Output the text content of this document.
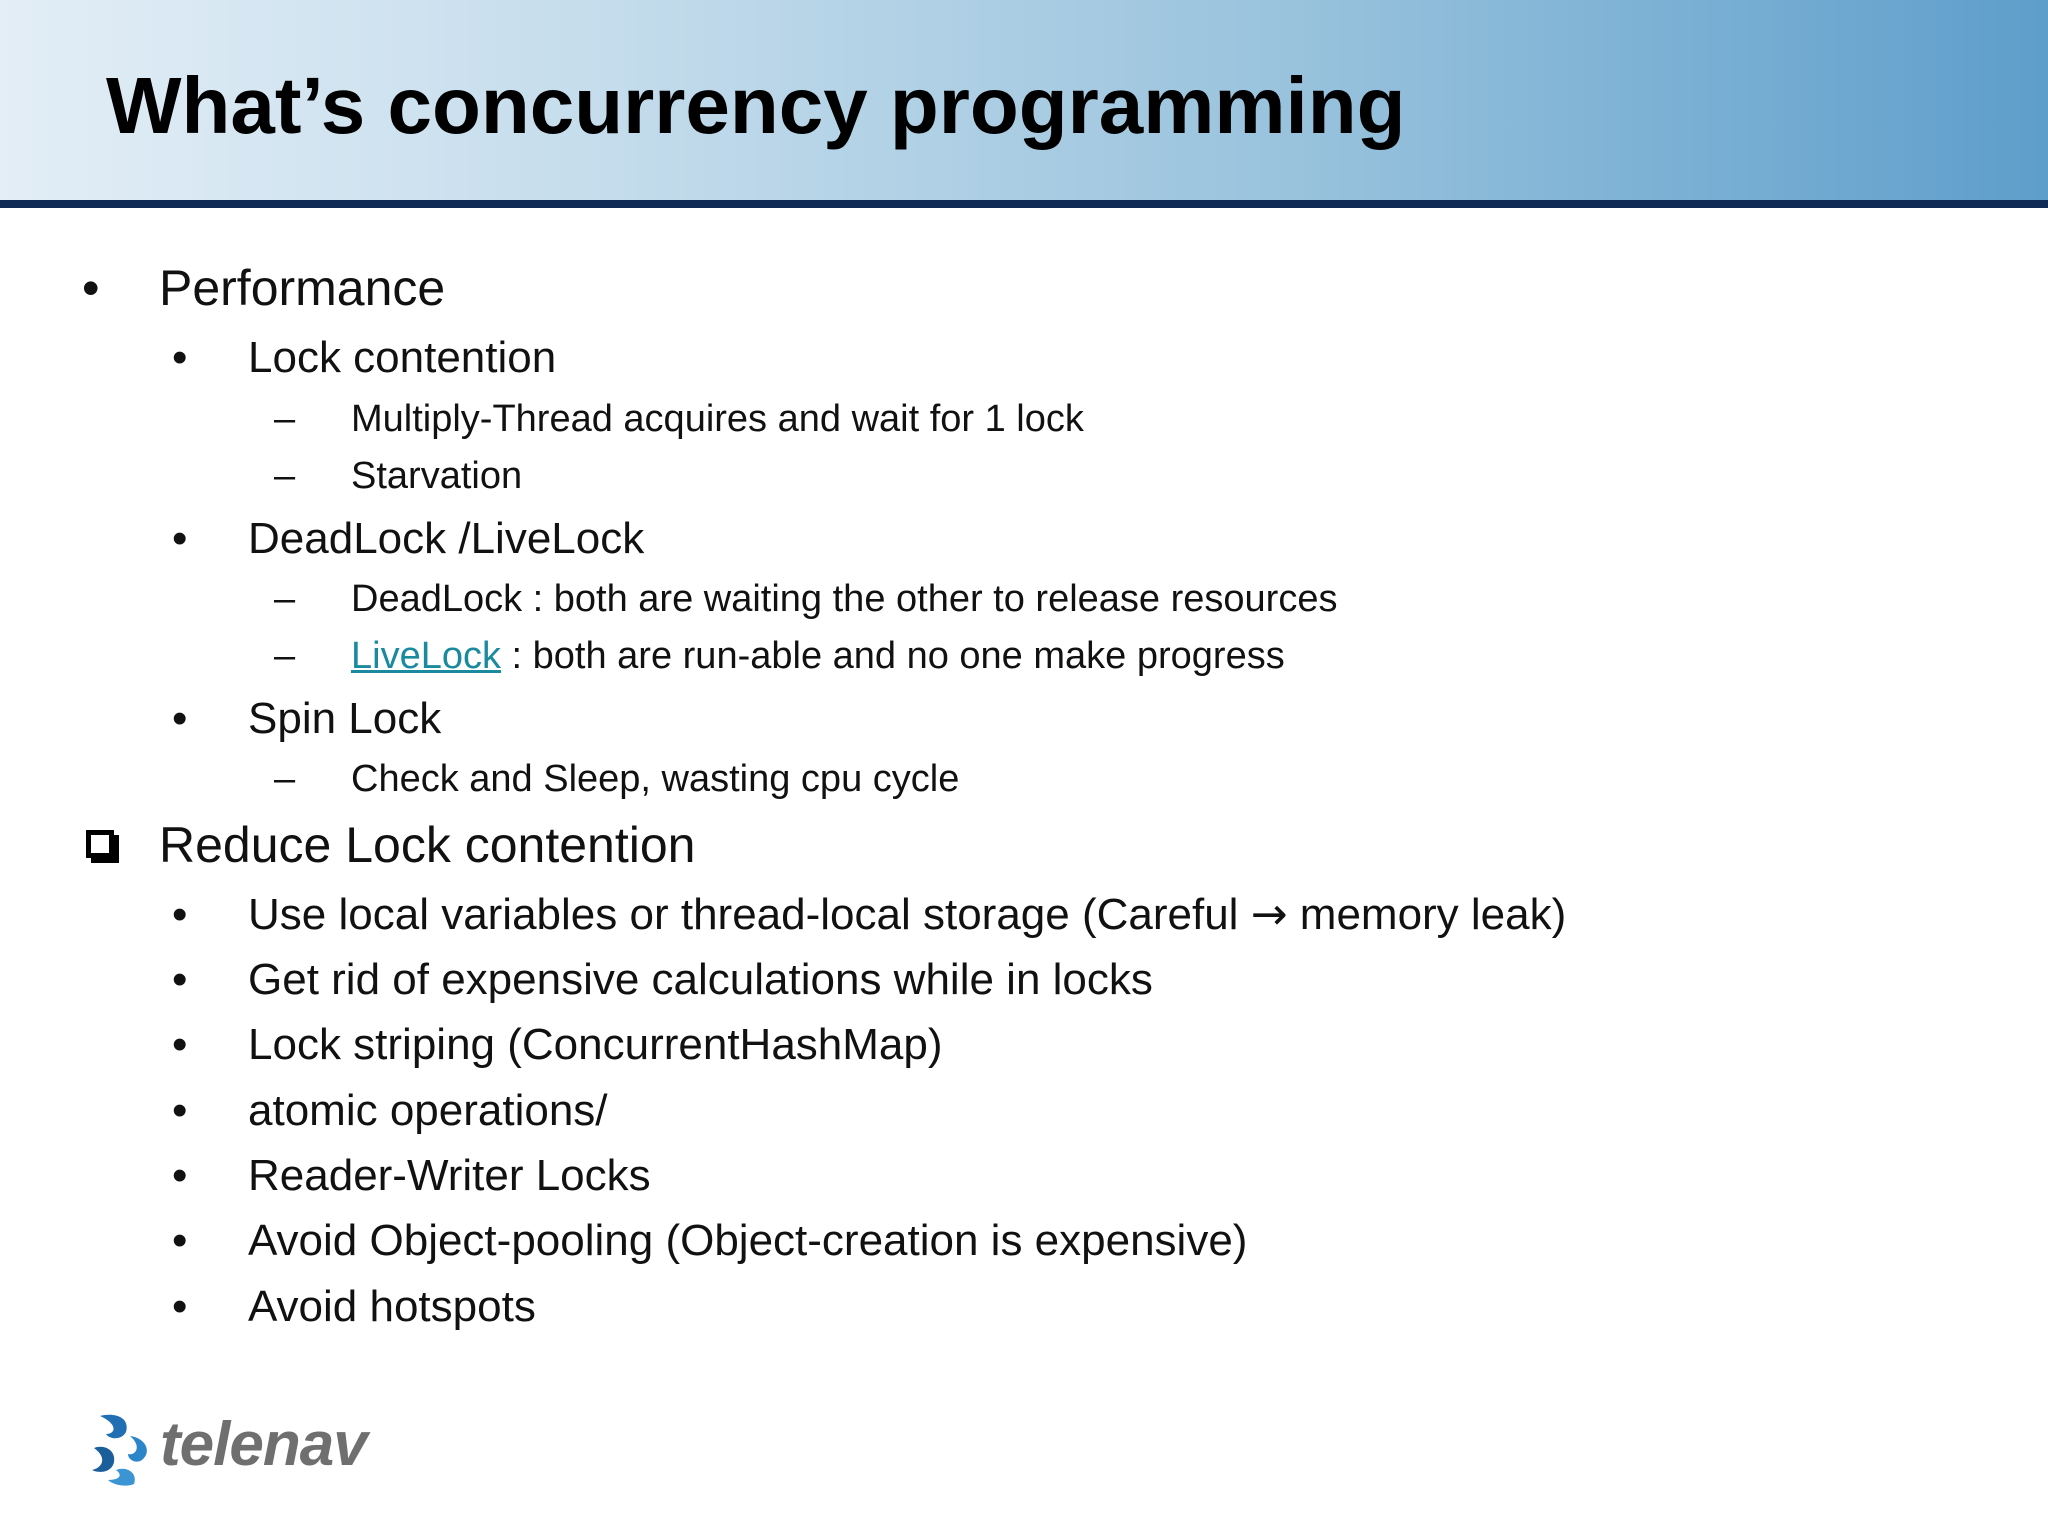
What’s concurrency programming
• Performance
• Lock contention
– Multiply-Thread acquires and wait for 1 lock
– Starvation
• DeadLock /LiveLock
– DeadLock : both are waiting the other to release resources
– LiveLock : both are run-able and no one make progress
• Spin Lock
– Check and Sleep, wasting cpu cycle
Reduce Lock contention
• Use local variables or thread-local storage (Careful → memory leak)
• Get rid of expensive calculations while in locks
• Lock striping (ConcurrentHashMap)
• atomic operations/
• Reader-Writer Locks
• Avoid Object-pooling (Object-creation is expensive)
• Avoid hotspots
telenav
